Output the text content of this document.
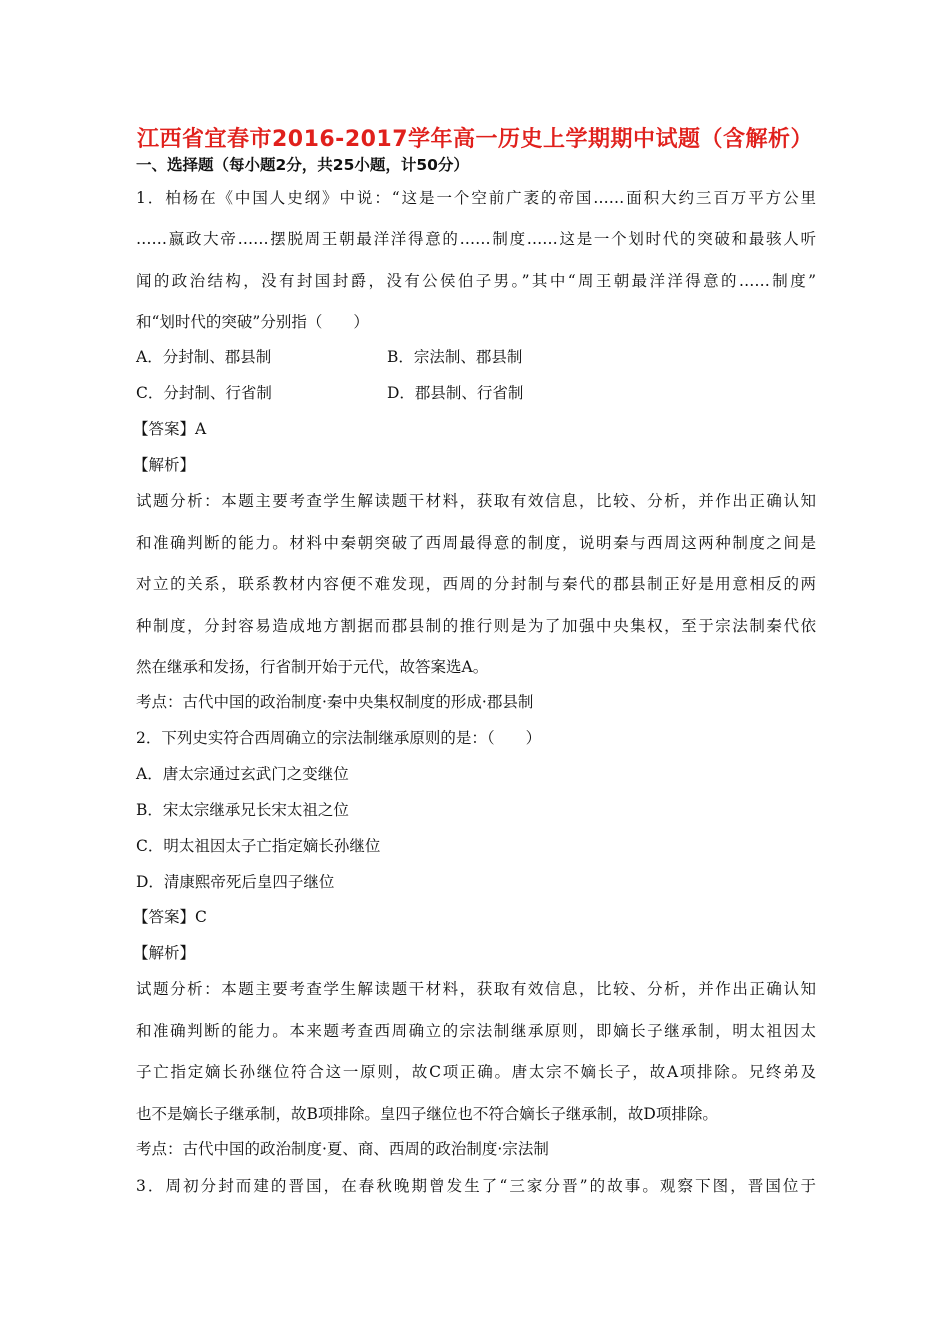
江西省宜春市2016-2017学年高一历史上学期期中试题（含解析）
一、选择题（每小题2分，共25小题，计50分）
1．柏杨在《中国人史纲》中说：“这是一个空前广袤的帝国……面积大约三百万平方公里
……嬴政大帝……摆脱周王朝最洋洋得意的……制度……这是一个划时代的突破和最骇人听
闻的政治结构，没有封国封爵，没有公侯伯子男。”其中“周王朝最洋洋得意的……制度”
和“划时代的突破”分别指（　　）
A．分封制、郡县制	B．宗法制、郡县制
C．分封制、行省制	D．郡县制、行省制
【答案】A
【解析】
试题分析：本题主要考查学生解读题干材料，获取有效信息，比较、分析，并作出正确认知
和准确判断的能力。材料中秦朝突破了西周最得意的制度，说明秦与西周这两种制度之间是
对立的关系，联系教材内容便不难发现，西周的分封制与秦代的郡县制正好是用意相反的两
种制度，分封容易造成地方割据而郡县制的推行则是为了加强中央集权，至于宗法制秦代依
然在继承和发扬，行省制开始于元代，故答案选A。
考点：古代中国的政治制度·秦中央集权制度的形成·郡县制
2．下列史实符合西周确立的宗法制继承原则的是：（　　）
A．唐太宗通过玄武门之变继位
B．宋太宗继承兄长宋太祖之位
C．明太祖因太子亡指定嫡长孙继位
D．清康熙帝死后皇四子继位
【答案】C
【解析】
试题分析：本题主要考查学生解读题干材料，获取有效信息，比较、分析，并作出正确认知
和准确判断的能力。本来题考查西周确立的宗法制继承原则，即嫡长子继承制，明太祖因太
子亡指定嫡长孙继位符合这一原则，故C项正确。唐太宗不嫡长子，故A项排除。兄终弟及
也不是嫡长子继承制，故B项排除。皇四子继位也不符合嫡长子继承制，故D项排除。
考点：古代中国的政治制度·夏、商、西周的政治制度·宗法制
3．周初分封而建的晋国，在春秋晚期曾发生了“三家分晋”的故事。观察下图，晋国位于
